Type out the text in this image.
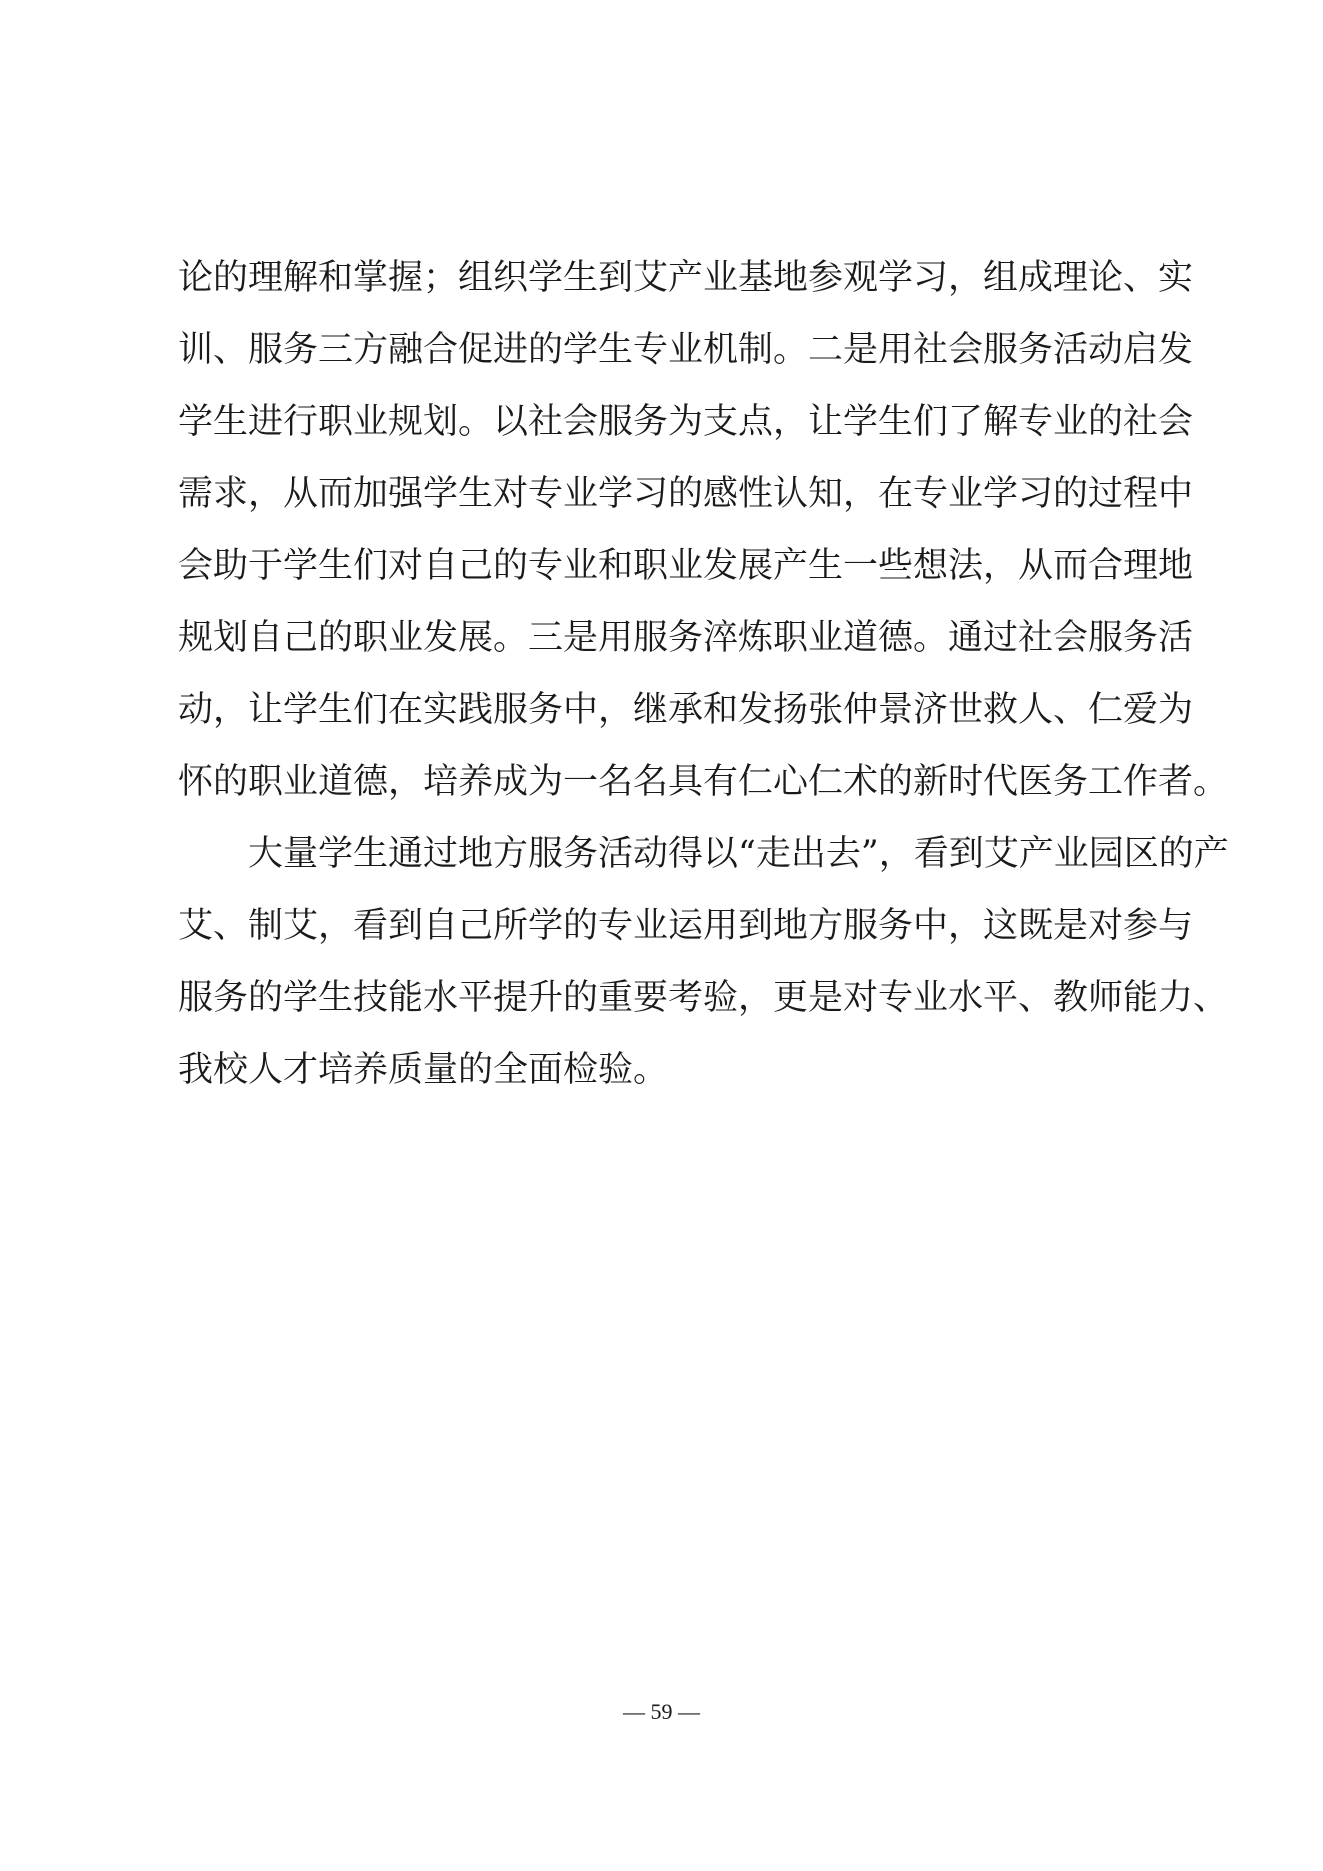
论的理解和掌握；组织学生到艾产业基地参观学习，组成理论、实
训、服务三方融合促进的学生专业机制。二是用社会服务活动启发
学生进行职业规划。以社会服务为支点，让学生们了解专业的社会
需求，从而加强学生对专业学习的感性认知，在专业学习的过程中
会助于学生们对自己的专业和职业发展产生一些想法，从而合理地
规划自己的职业发展。三是用服务淬炼职业道德。通过社会服务活
动，让学生们在实践服务中，继承和发扬张仲景济世救人、仁爱为
怀的职业道德，培养成为一名名具有仁心仁术的新时代医务工作者。
大量学生通过地方服务活动得以“走出去”，看到艾产业园区的产
艾、制艾，看到自己所学的专业运用到地方服务中，这既是对参与
服务的学生技能水平提升的重要考验，更是对专业水平、教师能力、
我校人才培养质量的全面检验。
— 59 —
